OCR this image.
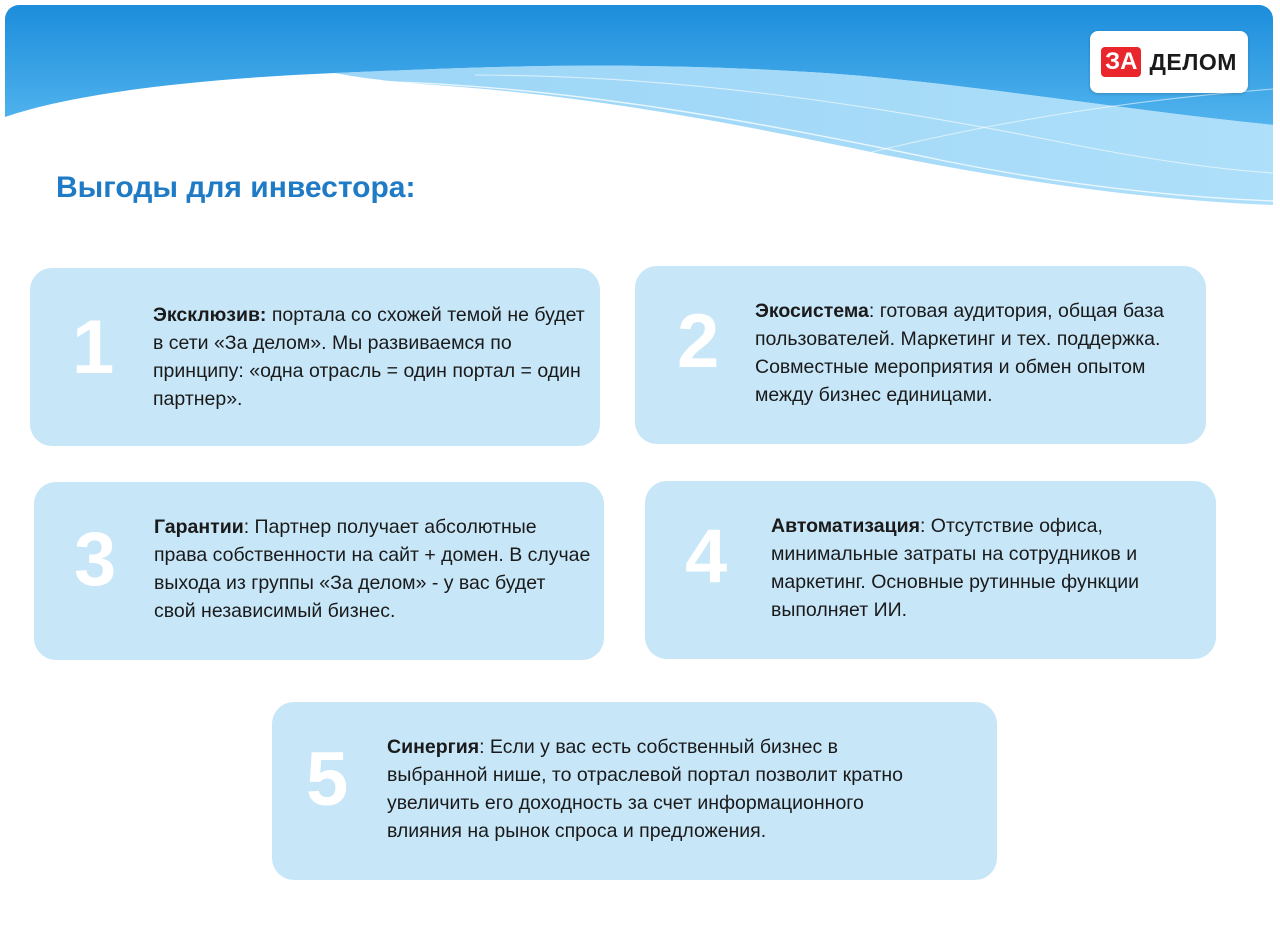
ЗА ДЕЛОМ
Выгоды для инвестора:
1 Эксклюзив: портала со схожей темой не будет в сети «За делом». Мы развиваемся по принципу: «одна отрасль = один портал = один партнер».

2 Экосистема: готовая аудитория, общая база пользователей. Маркетинг и тех. поддержка. Совместные мероприятия и обмен опытом между бизнес единицами.

3 Гарантии: Партнер получает абсолютные права собственности на сайт + домен. В случае выхода из группы «За делом» - у вас будет свой независимый бизнес.

4 Автоматизация: Отсутствие офиса, минимальные затраты на сотрудников и маркетинг. Основные рутинные функции выполняет ИИ.

5 Синергия: Если у вас есть собственный бизнес в выбранной нише, то отраслевой портал позволит кратно увеличить его доходность за счет информационного влияния на рынок спроса и предложения.
